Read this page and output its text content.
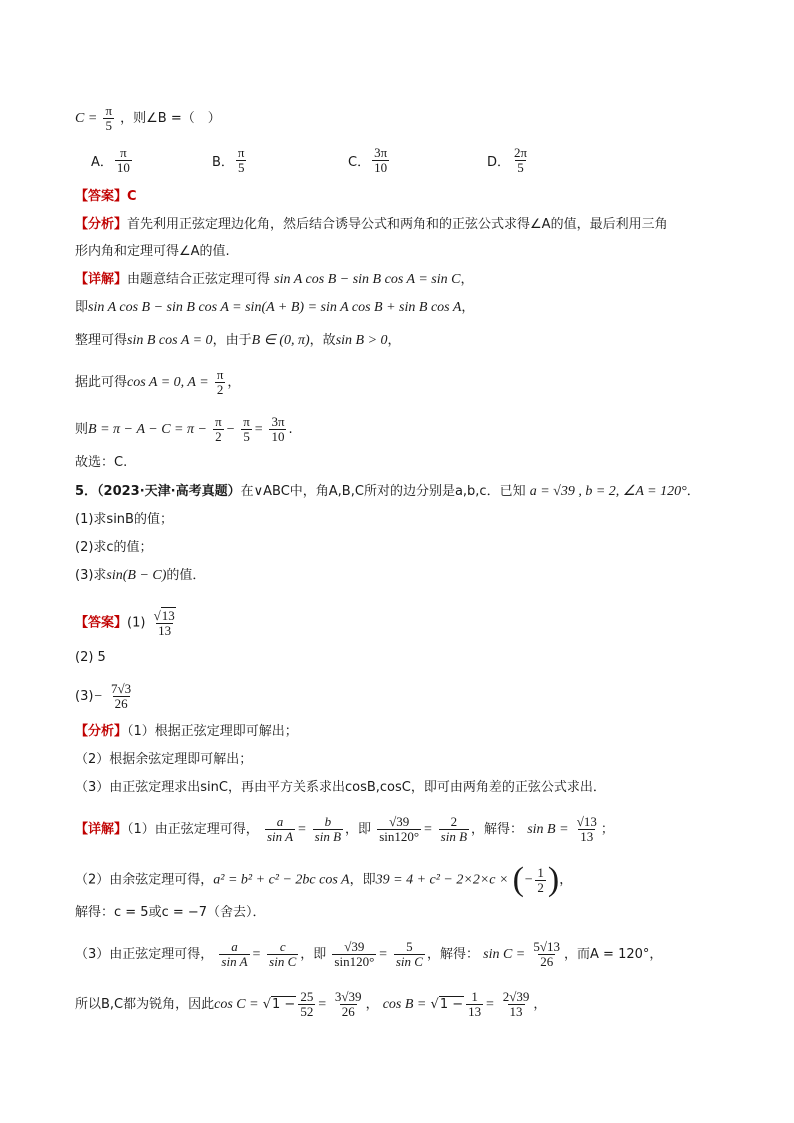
$C = \frac{\pi}{5}$ ，则∠B =（　）
A． $\frac{\pi}{10}$	B． $\frac{\pi}{5}$	C． $\frac{3\pi}{10}$	D． $\frac{2\pi}{5}$
【答案】C
【分析】首先利用正弦定理边化角，然后结合诱导公式和两角和的正弦公式求得∠A的值，最后利用三角
形内角和定理可得∠A的值.
【详解】由题意结合正弦定理可得 sin A cos B − sin B cos A = sin C，
即sin A cos B − sin B cos A = sin(A + B) = sin A cos B + sin B cos A，
整理可得sin B cos A = 0，由于B ∈ (0, π)，故sin B > 0，
据此可得cos A = 0, $A = \frac{\pi}{2}$ ，
则$B = \pi - A - C = \pi - \frac{\pi}{2} - \frac{\pi}{5} = \frac{3\pi}{10}$ .
故选：C.
5．（2023·天津·高考真题）在∨ABC中，角A,B,C所对的边分别是a,b,c．已知 a = √39 , b = 2, ∠A = 120°．
(1)求sinB的值；
(2)求c的值；
(3)求sin(B − C)的值．
【答案】$(1) \frac{√13}{13}$
(2) 5
$(3)- \frac{7√3}{26}$
【分析】（1）根据正弦定理即可解出；
（2）根据余弦定理即可解出；
（3）由正弦定理求出sinC，再由平方关系求出cosB,cosC，即可由两角差的正弦公式求出．
【详解】（1）由正弦定理可得， $\frac{a}{\text{sin A}} = \frac{b}{\text{sin B}}$ ，即 $\frac{√39}{\sin 120^\circ} = \frac{2}{\text{sin B}}$ ，解得： $\sin B = \frac{√13}{13}$ ；
（2）由余弦定理可得，a² = b² + c² − 2bc cos A，即39 = 4 + c² − 2×2×c × (− $\frac{1}{2}$ )，
解得：c = 5或c = −7（舍去）．
（3）由正弦定理可得， $\frac{a}{\text{sin A}} = \frac{c}{\text{sin C}}$ ，即 $\frac{√39}{\sin 120^\circ} = \frac{5}{\text{sin C}}$ ，解得： $\sin C = \frac{5√13}{26}$ ，而A = 120°，
所以B,C都为锐角，因此$\cos C = √1 - \frac{25}{52} = \frac{3√39}{26}$ ， $\cos B = √1 - \frac{1}{13} = \frac{2√39}{13}$ ，
